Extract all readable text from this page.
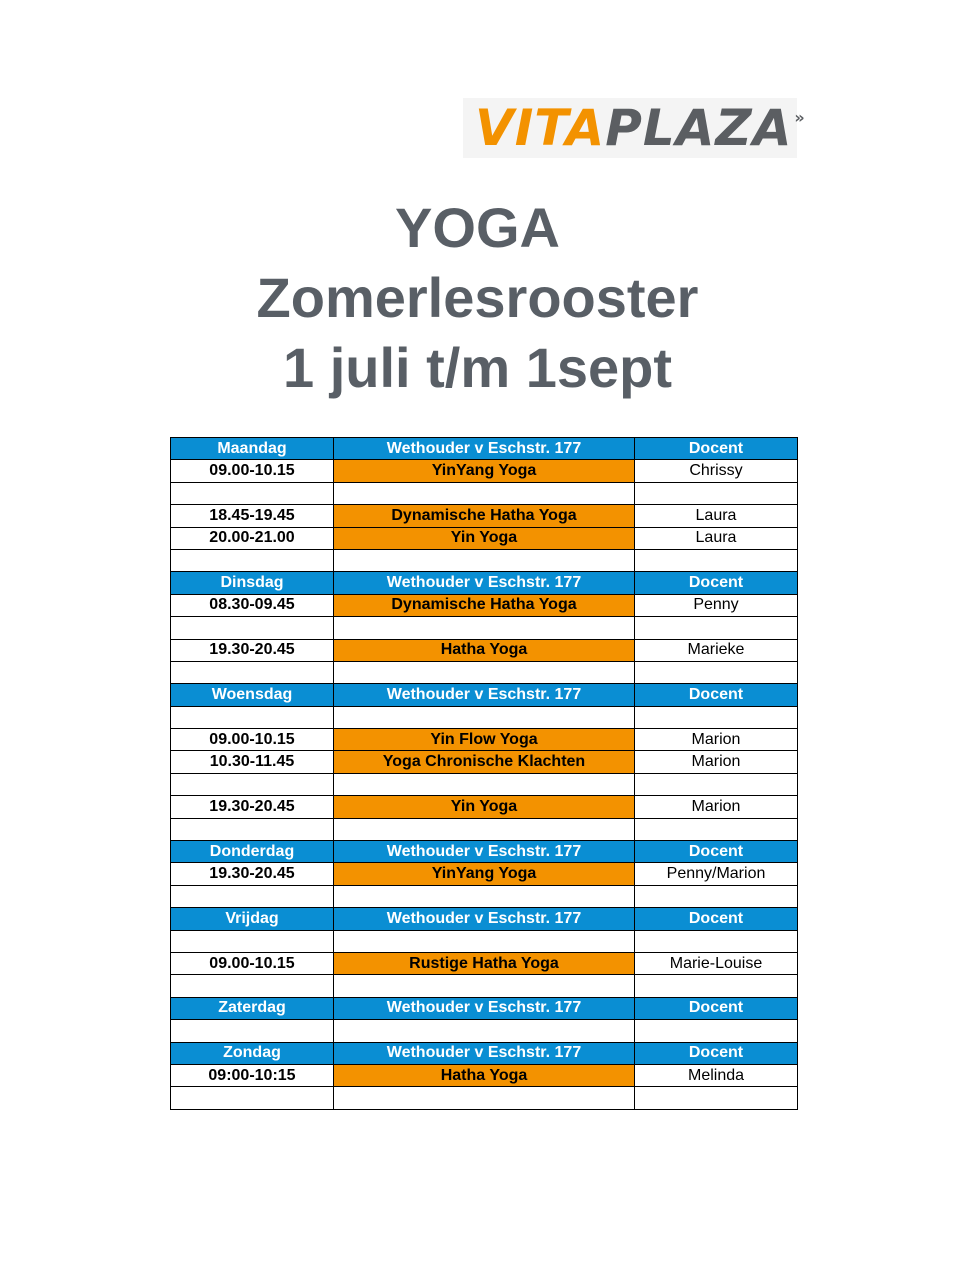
VITA PLAZA »
YOGA
Zomerlesrooster
1 juli t/m 1sept
Maandag	Wethouder v Eschstr. 177	Docent
09.00-10.15	YinYang Yoga	Chrissy

18.45-19.45	Dynamische Hatha Yoga	Laura
20.00-21.00	Yin Yoga	Laura

Dinsdag	Wethouder v Eschstr. 177	Docent
08.30-09.45	Dynamische Hatha Yoga	Penny

19.30-20.45	Hatha Yoga	Marieke

Woensdag	Wethouder v Eschstr. 177	Docent

09.00-10.15	Yin Flow Yoga	Marion
10.30-11.45	Yoga Chronische Klachten	Marion

19.30-20.45	Yin Yoga	Marion

Donderdag	Wethouder v Eschstr. 177	Docent
19.30-20.45	YinYang Yoga	Penny/Marion

Vrijdag	Wethouder v Eschstr. 177	Docent

09.00-10.15	Rustige Hatha Yoga	Marie-Louise

Zaterdag	Wethouder v Eschstr. 177	Docent

Zondag	Wethouder v Eschstr. 177	Docent
09:00-10:15	Hatha Yoga	Melinda
